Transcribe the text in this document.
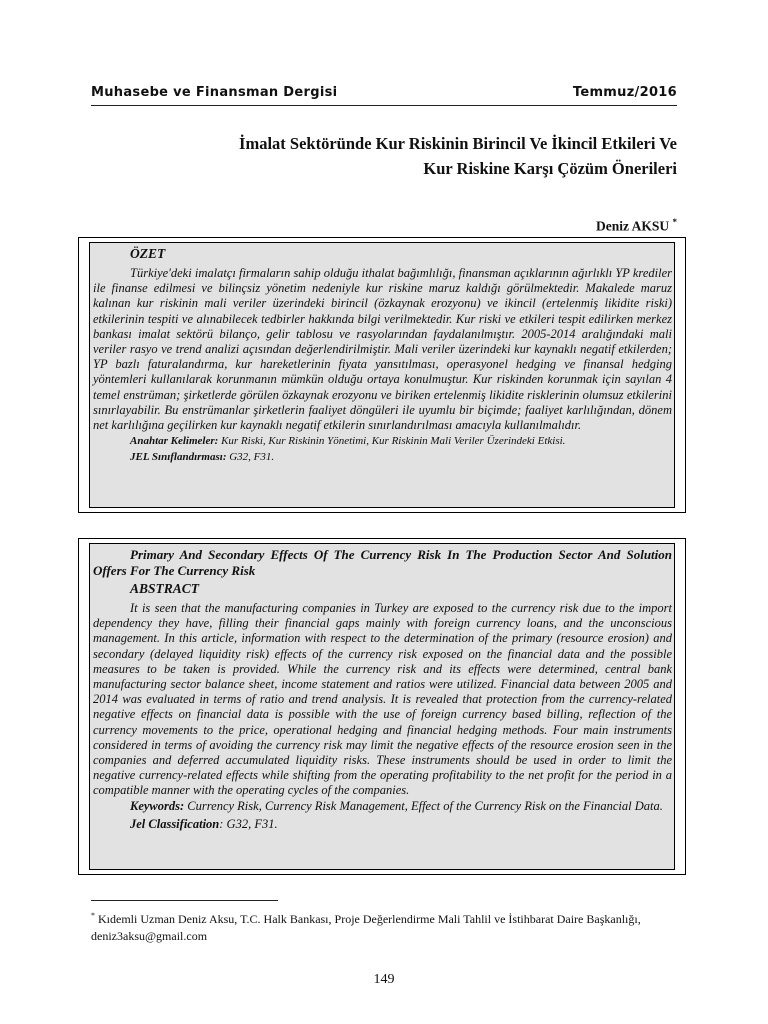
Muhasebe ve Finansman Dergisi	Temmuz/2016
İmalat Sektöründe Kur Riskinin Birincil Ve İkincil Etkileri Ve
Kur Riskine Karşı Çözüm Önerileri
Deniz AKSU *
ÖZET

Türkiye'deki imalatçı firmaların sahip olduğu ithalat bağımlılığı, finansman açıklarının ağırlıklı YP krediler ile finanse edilmesi ve bilinçsiz yönetim nedeniyle kur riskine maruz kaldığı görülmektedir. Makalede maruz kalınan kur riskinin mali veriler üzerindeki birincil (özkaynak erozyonu) ve ikincil (ertelenmiş likidite riski) etkilerinin tespiti ve alınabilecek tedbirler hakkında bilgi verilmektedir. Kur riski ve etkileri tespit edilirken merkez bankası imalat sektörü bilanço, gelir tablosu ve rasyolarından faydalanılmıştır. 2005-2014 aralığındaki mali veriler rasyo ve trend analizi açısından değerlendirilmiştir. Mali veriler üzerindeki kur kaynaklı negatif etkilerden; YP bazlı faturalandırma, kur hareketlerinin fiyata yansıtılması, operasyonel hedging ve finansal hedging yöntemleri kullanılarak korunmanın mümkün olduğu ortaya konulmuştur. Kur riskinden korunmak için sayılan 4 temel enstrüman; şirketlerde görülen özkaynak erozyonu ve biriken ertelenmiş likidite risklerinin olumsuz etkilerini sınırlayabilir. Bu enstrümanlar şirketlerin faaliyet döngüleri ile uyumlu bir biçimde; faaliyet karlılığından, dönem net karlılığına geçilirken kur kaynaklı negatif etkilerin sınırlandırılması amacıyla kullanılmalıdır.

Anahtar Kelimeler: Kur Riski, Kur Riskinin Yönetimi, Kur Riskinin Mali Veriler Üzerindeki Etkisi.

JEL Sınıflandırması: G32, F31.

Primary And Secondary Effects Of The Currency Risk In The Production Sector And Solution Offers For The Currency Risk

ABSTRACT

It is seen that the manufacturing companies in Turkey are exposed to the currency risk due to the import dependency they have, filling their financial gaps mainly with foreign currency loans, and the unconscious management. In this article, information with respect to the determination of the primary (resource erosion) and secondary (delayed liquidity risk) effects of the currency risk exposed on the financial data and the possible measures to be taken is provided. While the currency risk and its effects were determined, central bank manufacturing sector balance sheet, income statement and ratios were utilized. Financial data between 2005 and 2014 was evaluated in terms of ratio and trend analysis. It is revealed that protection from the currency-related negative effects on financial data is possible with the use of foreign currency based billing, reflection of the currency movements to the price, operational hedging and financial hedging methods. Four main instruments considered in terms of avoiding the currency risk may limit the negative effects of the resource erosion seen in the companies and deferred accumulated liquidity risks. These instruments should be used in order to limit the negative currency-related effects while shifting from the operating profitability to the net profit for the period in a compatible manner with the operating cycles of the companies.

Keywords: Currency Risk, Currency Risk Management, Effect of the Currency Risk on the Financial Data.

Jel Classification: G32, F31.

* Kıdemli Uzman Deniz Aksu, T.C. Halk Bankası, Proje Değerlendirme Mali Tahlil ve İstihbarat Daire Başkanlığı, deniz3aksu@gmail.com
149
